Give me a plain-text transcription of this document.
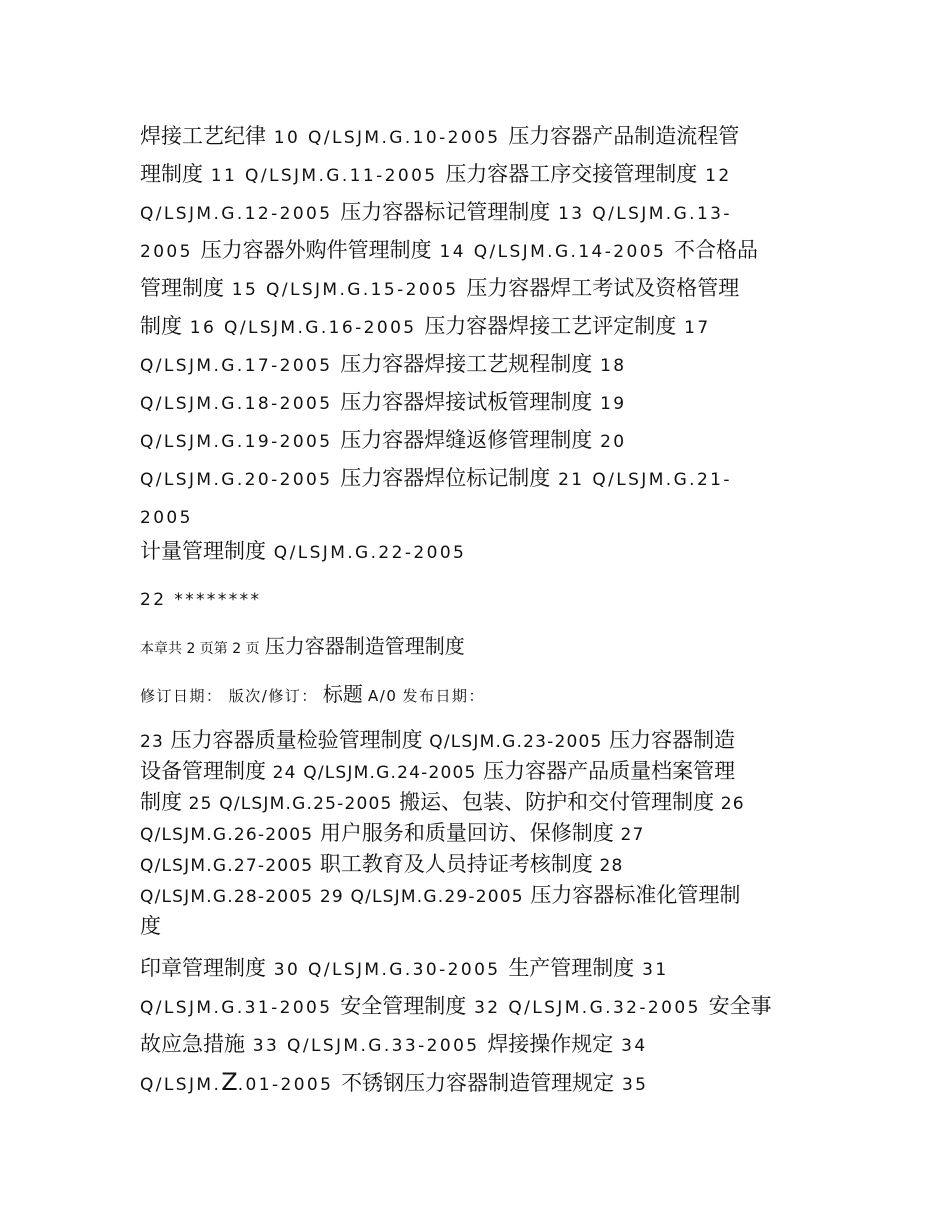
焊接工艺纪律 10 Q/LSJM.G.10-2005 压力容器产品制造流程管
理制度 11 Q/LSJM.G.11-2005 压力容器工序交接管理制度 12
Q/LSJM.G.12-2005 压力容器标记管理制度 13 Q/LSJM.G.13-
2005 压力容器外购件管理制度 14 Q/LSJM.G.14-2005 不合格品
管理制度 15 Q/LSJM.G.15-2005 压力容器焊工考试及资格管理
制度 16 Q/LSJM.G.16-2005 压力容器焊接工艺评定制度 17
Q/LSJM.G.17-2005 压力容器焊接工艺规程制度 18
Q/LSJM.G.18-2005 压力容器焊接试板管理制度 19
Q/LSJM.G.19-2005 压力容器焊缝返修管理制度 20
Q/LSJM.G.20-2005 压力容器焊位标记制度 21 Q/LSJM.G.21-
2005
计量管理制度 Q/LSJM.G.22-2005
22 ********
本章共 2 页第 2 页 压力容器制造管理制度
修订日期： 版次/修订： 标题 A/0 发布日期：
23 压力容器质量检验管理制度 Q/LSJM.G.23-2005 压力容器制造
设备管理制度 24 Q/LSJM.G.24-2005 压力容器产品质量档案管理
制度 25 Q/LSJM.G.25-2005 搬运、包装、防护和交付管理制度 26
Q/LSJM.G.26-2005 用户服务和质量回访、保修制度 27
Q/LSJM.G.27-2005 职工教育及人员持证考核制度 28
Q/LSJM.G.28-2005 29 Q/LSJM.G.29-2005 压力容器标准化管理制
度
印章管理制度 30 Q/LSJM.G.30-2005 生产管理制度 31
Q/LSJM.G.31-2005 安全管理制度 32 Q/LSJM.G.32-2005 安全事
故应急措施 33 Q/LSJM.G.33-2005 焊接操作规定 34
Q/LSJM.Z.01-2005 不锈钢压力容器制造管理规定 35
